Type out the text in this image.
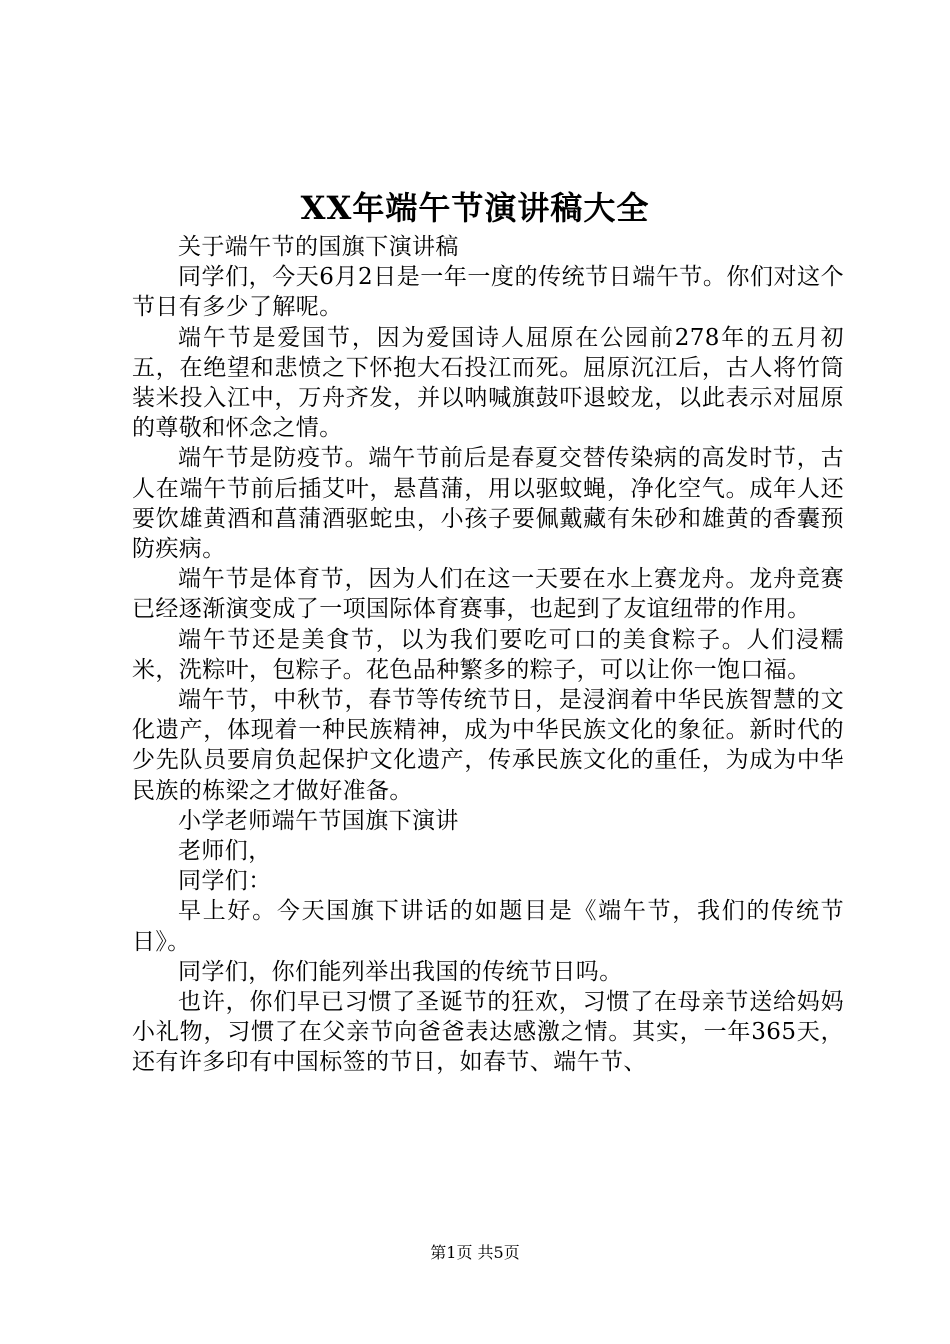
XX年端午节演讲稿大全

关于端午节的国旗下演讲稿

同学们，今天6月2日是一年一度的传统节日端午节。你们对这个节日有多少了解呢。

端午节是爱国节，因为爱国诗人屈原在公园前278年的五月初五，在绝望和悲愤之下怀抱大石投江而死。屈原沉江后，古人将竹筒装米投入江中，万舟齐发，并以呐喊旗鼓吓退蛟龙，以此表示对屈原的尊敬和怀念之情。

端午节是防疫节。端午节前后是春夏交替传染病的高发时节，古人在端午节前后插艾叶，悬菖蒲，用以驱蚊蝇，净化空气。成年人还要饮雄黄酒和菖蒲酒驱蛇虫，小孩子要佩戴藏有朱砂和雄黄的香囊预防疾病。

端午节是体育节，因为人们在这一天要在水上赛龙舟。龙舟竞赛已经逐渐演变成了一项国际体育赛事，也起到了友谊纽带的作用。

端午节还是美食节，以为我们要吃可口的美食粽子。人们浸糯米，洗粽叶，包粽子。花色品种繁多的粽子，可以让你一饱口福。

端午节，中秋节，春节等传统节日，是浸润着中华民族智慧的文化遗产，体现着一种民族精神，成为中华民族文化的象征。新时代的少先队员要肩负起保护文化遗产，传承民族文化的重任，为成为中华民族的栋梁之才做好准备。

小学老师端午节国旗下演讲

老师们，

同学们：

早上好。今天国旗下讲话的如题目是《端午节，我们的传统节日》。

同学们，你们能列举出我国的传统节日吗。

也许，你们早已习惯了圣诞节的狂欢，习惯了在母亲节送给妈妈小礼物，习惯了在父亲节向爸爸表达感激之情。其实，一年365天，还有许多印有中国标签的节日，如春节、端午节、

第1页 共5页
